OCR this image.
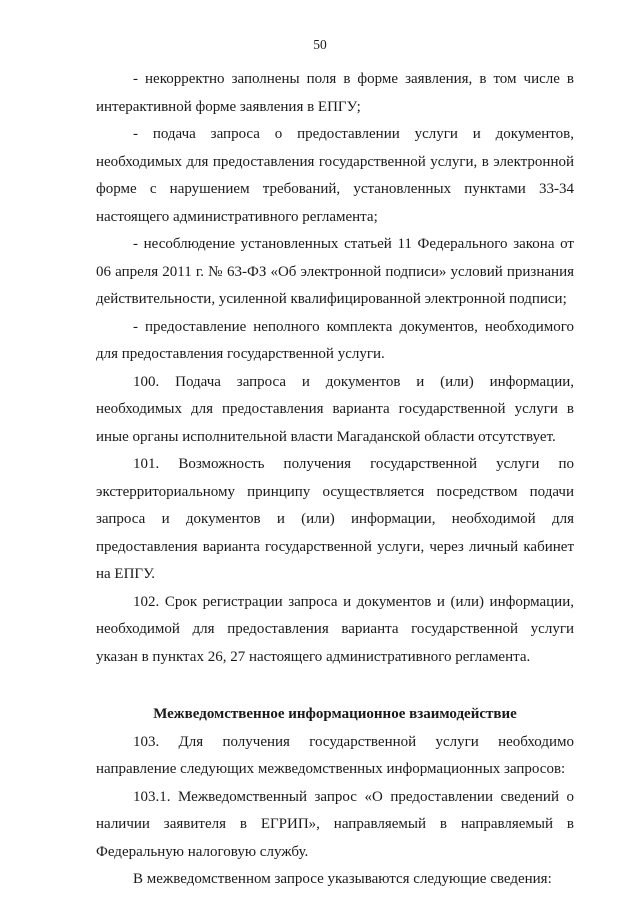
50

- некорректно заполнены поля в форме заявления, в том числе в интерактивной форме заявления в ЕПГУ;

- подача запроса о предоставлении услуги и документов, необходимых для предоставления государственной услуги, в электронной форме с нарушением требований, установленных пунктами 33-34 настоящего административного регламента;

- несоблюдение установленных статьей 11 Федерального закона от 06 апреля 2011 г. № 63-ФЗ «Об электронной подписи» условий признания действительности, усиленной квалифицированной электронной подписи;

- предоставление неполного комплекта документов, необходимого для предоставления государственной услуги.

100. Подача запроса и документов и (или) информации, необходимых для предоставления варианта государственной услуги в иные органы исполнительной власти Магаданской области отсутствует.

101. Возможность получения государственной услуги по экстерриториальному принципу осуществляется посредством подачи запроса и документов и (или) информации, необходимой для предоставления варианта государственной услуги, через личный кабинет на ЕПГУ.

102. Срок регистрации запроса и документов и (или) информации, необходимой для предоставления варианта государственной услуги указан в пунктах 26, 27 настоящего административного регламента.

Межведомственное информационное взаимодействие

103. Для получения государственной услуги необходимо направление следующих межведомственных информационных запросов:

103.1. Межведомственный запрос «О предоставлении сведений о наличии заявителя в ЕГРИП», направляемый в направляемый в Федеральную налоговую службу.

В межведомственном запросе указываются следующие сведения:
